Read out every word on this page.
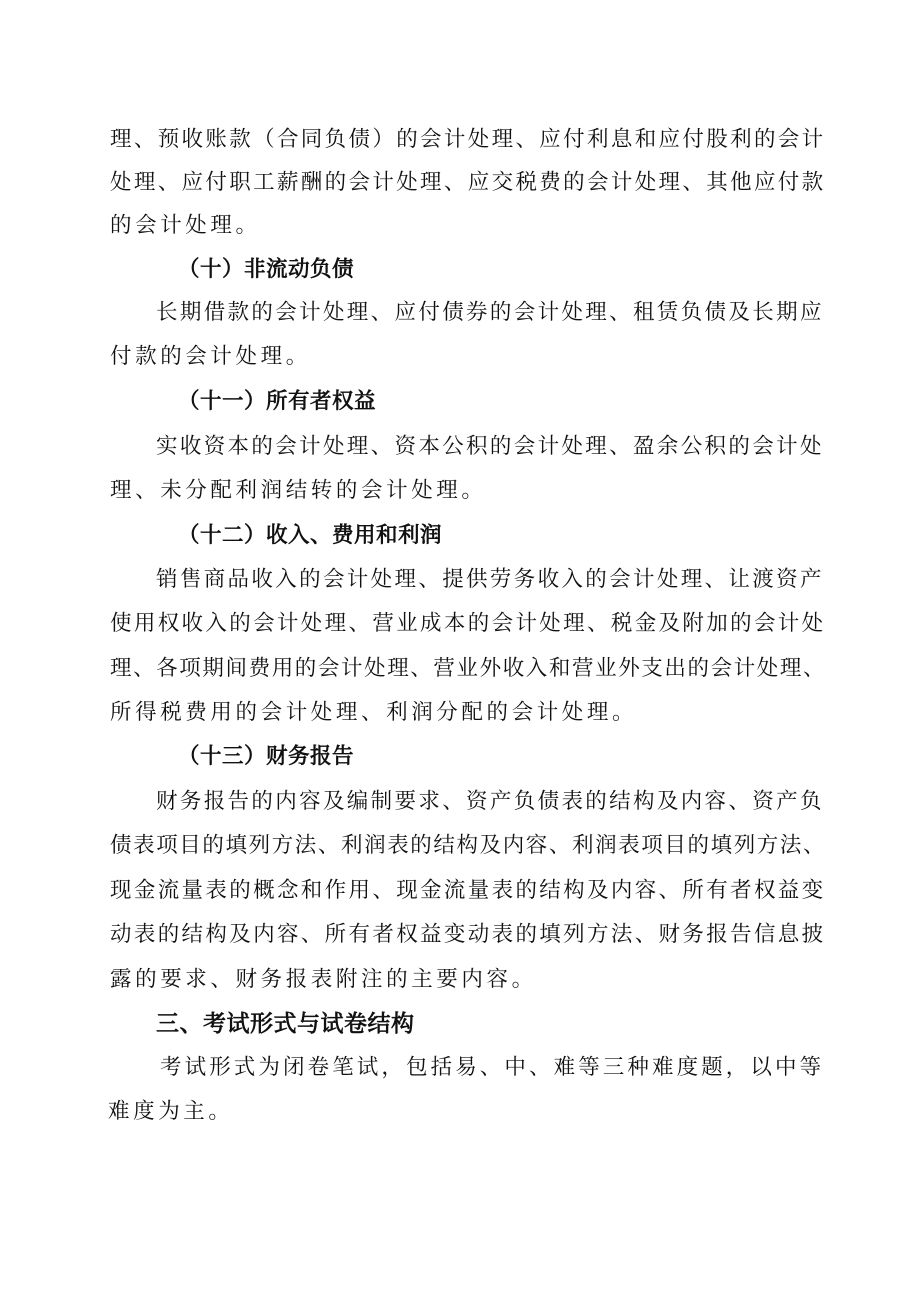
理、预收账款（合同负债）的会计处理、应付利息和应付股利的会计
处理、应付职工薪酬的会计处理、应交税费的会计处理、其他应付款
的会计处理。
（十）非流动负债
长期借款的会计处理、应付债券的会计处理、租赁负债及长期应
付款的会计处理。
（十一）所有者权益
实收资本的会计处理、资本公积的会计处理、盈余公积的会计处
理、未分配利润结转的会计处理。
（十二）收入、费用和利润
销售商品收入的会计处理、提供劳务收入的会计处理、让渡资产
使用权收入的会计处理、营业成本的会计处理、税金及附加的会计处
理、各项期间费用的会计处理、营业外收入和营业外支出的会计处理、
所得税费用的会计处理、利润分配的会计处理。
（十三）财务报告
财务报告的内容及编制要求、资产负债表的结构及内容、资产负
债表项目的填列方法、利润表的结构及内容、利润表项目的填列方法、
现金流量表的概念和作用、现金流量表的结构及内容、所有者权益变
动表的结构及内容、所有者权益变动表的填列方法、财务报告信息披
露的要求、财务报表附注的主要内容。
三、考试形式与试卷结构
考试形式为闭卷笔试，包括易、中、难等三种难度题，以中等
难度为主。
